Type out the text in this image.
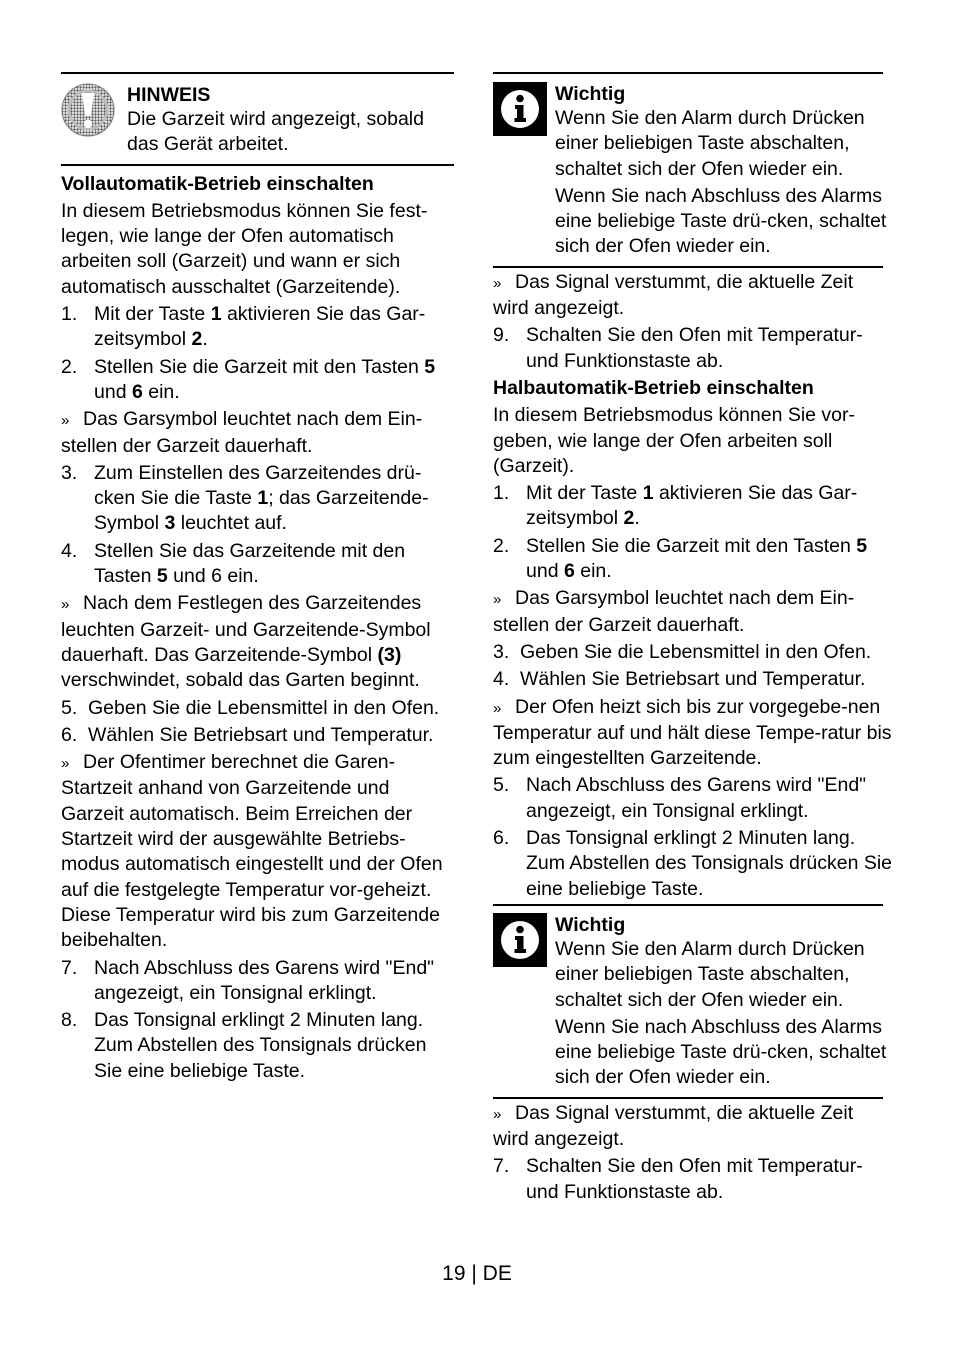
HINWEIS

Die Garzeit wird angezeigt, sobald das Gerät arbeitet.

Vollautomatik-Betrieb einschalten

In diesem Betriebsmodus können Sie fest-legen, wie lange der Ofen automatisch arbeiten soll (Garzeit) und wann er sich automatisch ausschaltet (Garzeitende).

1. Mit der Taste 1 aktivieren Sie das Gar-zeitsymbol 2.
2. Stellen Sie die Garzeit mit den Tasten 5 und 6 ein.

» Das Garsymbol leuchtet nach dem Ein-stellen der Garzeit dauerhaft.

3. Zum Einstellen des Garzeitendes drü-cken Sie die Taste 1; das Garzeitende-Symbol 3 leuchtet auf.
4. Stellen Sie das Garzeitende mit den Tasten 5 und 6 ein.

» Nach dem Festlegen des Garzeitendes leuchten Garzeit- und Garzeitende-Symbol dauerhaft. Das Garzeitende-Symbol (3) verschwindet, sobald das Garten beginnt.

5. Geben Sie die Lebensmittel in den Ofen.
6. Wählen Sie Betriebsart und Temperatur.

» Der Ofentimer berechnet die Garen-Startzeit anhand von Garzeitende und Garzeit automatisch. Beim Erreichen der Startzeit wird der ausgewählte Betriebs-modus automatisch eingestellt und der Ofen auf die festgelegte Temperatur vor-geheizt. Diese Temperatur wird bis zum Garzeitende beibehalten.

7. Nach Abschluss des Garens wird "End" angezeigt, ein Tonsignal erklingt.
8. Das Tonsignal erklingt 2 Minuten lang. Zum Abstellen des Tonsignals drücken Sie eine beliebige Taste.
Wichtig

Wenn Sie den Alarm durch Drücken einer beliebigen Taste abschalten, schaltet sich der Ofen wieder ein.

Wenn Sie nach Abschluss des Alarms eine beliebige Taste drü-cken, schaltet sich der Ofen wieder ein.

» Das Signal verstummt, die aktuelle Zeit wird angezeigt.

9. Schalten Sie den Ofen mit Temperatur- und Funktionstaste ab.

Halbautomatik-Betrieb einschalten

In diesem Betriebsmodus können Sie vor-geben, wie lange der Ofen arbeiten soll (Garzeit).

1. Mit der Taste 1 aktivieren Sie das Gar-zeitsymbol 2.
2. Stellen Sie die Garzeit mit den Tasten 5 und 6 ein.

» Das Garsymbol leuchtet nach dem Ein-stellen der Garzeit dauerhaft.

3. Geben Sie die Lebensmittel in den Ofen.
4. Wählen Sie Betriebsart und Temperatur.

» Der Ofen heizt sich bis zur vorgegebe-nen Temperatur auf und hält diese Tempe-ratur bis zum eingestellten Garzeitende.

5. Nach Abschluss des Garens wird "End" angezeigt, ein Tonsignal erklingt.
6. Das Tonsignal erklingt 2 Minuten lang. Zum Abstellen des Tonsignals drücken Sie eine beliebige Taste.
Wichtig

Wenn Sie den Alarm durch Drücken einer beliebigen Taste abschalten, schaltet sich der Ofen wieder ein.

Wenn Sie nach Abschluss des Alarms eine beliebige Taste drü-cken, schaltet sich der Ofen wieder ein.

» Das Signal verstummt, die aktuelle Zeit wird angezeigt.

7. Schalten Sie den Ofen mit Temperatur- und Funktionstaste ab.
19 | DE
